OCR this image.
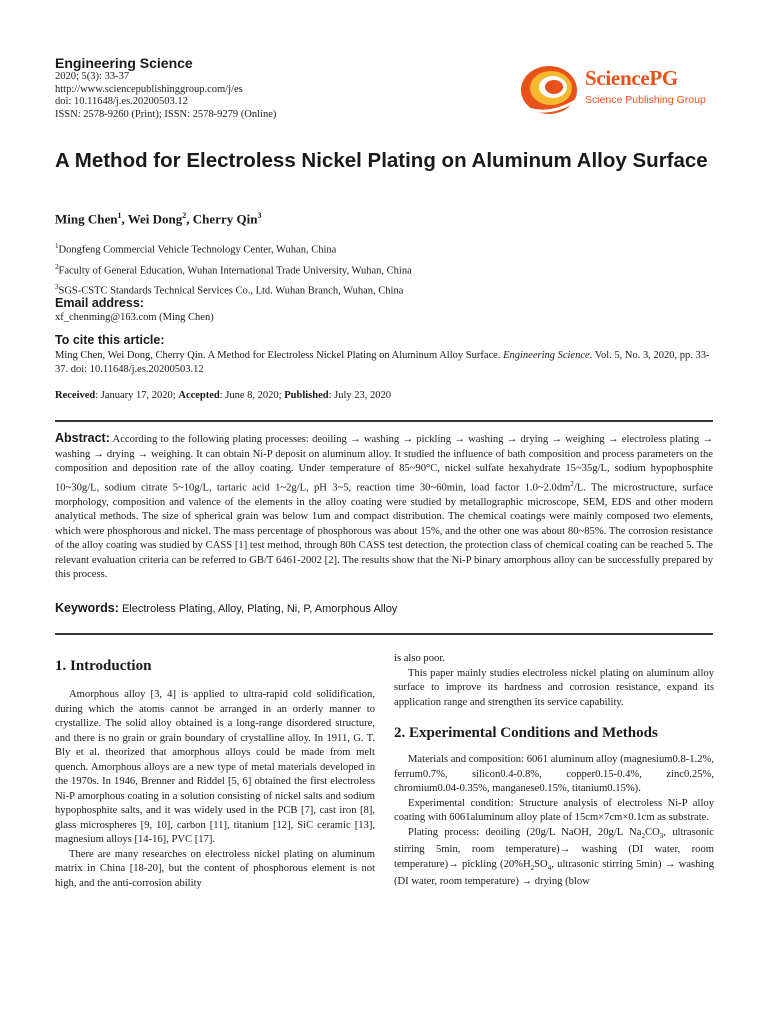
Engineering Science
2020; 5(3): 33-37
http://www.sciencepublishinggroup.com/j/es
doi: 10.11648/j.es.20200503.12
ISSN: 2578-9260 (Print); ISSN: 2578-9279 (Online)
SciencePG
Science Publishing Group
A Method for Electroless Nickel Plating on Aluminum Alloy Surface
Ming Chen$^1$, Wei Dong$^2$, Cherry Qin$^3$
$^1$Dongfeng Commercial Vehicle Technology Center, Wuhan, China
$^2$Faculty of General Education, Wuhan International Trade University, Wuhan, China
$^3$SGS-CSTC Standards Technical Services Co., Ltd. Wuhan Branch, Wuhan, China
Email address:
xf_chenming@163.com (Ming Chen)
To cite this article:
Ming Chen, Wei Dong, Cherry Qin. A Method for Electroless Nickel Plating on Aluminum Alloy Surface. Engineering Science. Vol. 5, No. 3, 2020, pp. 33-37. doi: 10.11648/j.es.20200503.12
Received: January 17, 2020; Accepted: June 8, 2020; Published: July 23, 2020
Abstract: According to the following plating processes: deoiling → washing → pickling → washing → drying → weighing → electroless plating → washing → drying → weighing. It can obtain Ni-P deposit on aluminum alloy. It studied the influence of bath composition and process parameters on the composition and deposition rate of the alloy coating. Under temperature of 85~90°C, nickel sulfate hexahydrate 15~35g/L, sodium hypophosphite 10~30g/L, sodium citrate 5~10g/L, tartaric acid 1~2g/L, pH 3~5, reaction time 30~60min, load factor $1.0\sim 2.0dm^2/L$. The microstructure, surface morphology, composition and valence of the elements in the alloy coating were studied by metallographic microscope, SEM, EDS and other modern analytical methods. The size of spherical grain was below 1um and compact distribution. The chemical coatings were mainly composed two elements, which were phosphorous and nickel. The mass percentage of phosphorous was about 15%, and the other one was about 80~85%. The corrosion resistance of the alloy coating was studied by CASS [1] test method, through 80h CASS test detection, the protection class of chemical coating can be reached 5. The relevant evaluation criteria can be referred to GB/T 6461-2002 [2]. The results show that the Ni-P binary amorphous alloy can be successfully prepared by this process.
Keywords: Electroless Plating, Alloy, Plating, Ni, P, Amorphous Alloy
1. Introduction

Amorphous alloy [3, 4] is applied to ultra-rapid cold solidification, during which the atoms cannot be arranged in an orderly manner to crystallize. The solid alloy obtained is a long-range disordered structure, and there is no grain or grain boundary of crystalline alloy. In 1911, G. T. Bly et al. theorized that amorphous alloys could be made from melt quench. Amorphous alloys are a new type of metal materials developed in the 1970s. In 1946, Brenner and Riddel [5, 6] obtained the first electroless Ni-P amorphous coating in a solution consisting of nickel salts and sodium hypophosphite salts, and it was widely used in the PCB [7], cast iron [8], glass microspheres [9, 10], carbon [11], titanium [12], SiC ceramic [13], magnesium alloys [14-16], PVC [17].

There are many researches on electroless nickel plating on aluminum matrix in China [18-20], but the content of phosphorous element is not high, and the anti-corrosion ability

is also poor.

This paper mainly studies electroless nickel plating on aluminum alloy surface to improve its hardness and corrosion resistance, expand its application range and strengthen its service capability.

2. Experimental Conditions and Methods

Materials and composition: 6061 aluminum alloy (magnesium0.8-1.2%, ferrum0.7%, silicon0.4-0.8%, copper0.15-0.4%, zinc0.25%, chromium0.04-0.35%, manganese0.15%, titanium0.15%).

Experimental condition: Structure analysis of electroless Ni-P alloy coating with 6061aluminum alloy plate of 15cm×7cm×0.1cm as substrate.

Plating process: deoiling (20g/L NaOH, 20g/L $Na_2CO_3$, ultrasonic stirring 5min, room temperature)→ washing (DI water, room temperature)→ pickling ($20\%H_2SO_4$, ultrasonic stirring 5min) → washing (DI water, room temperature) → drying (blow
